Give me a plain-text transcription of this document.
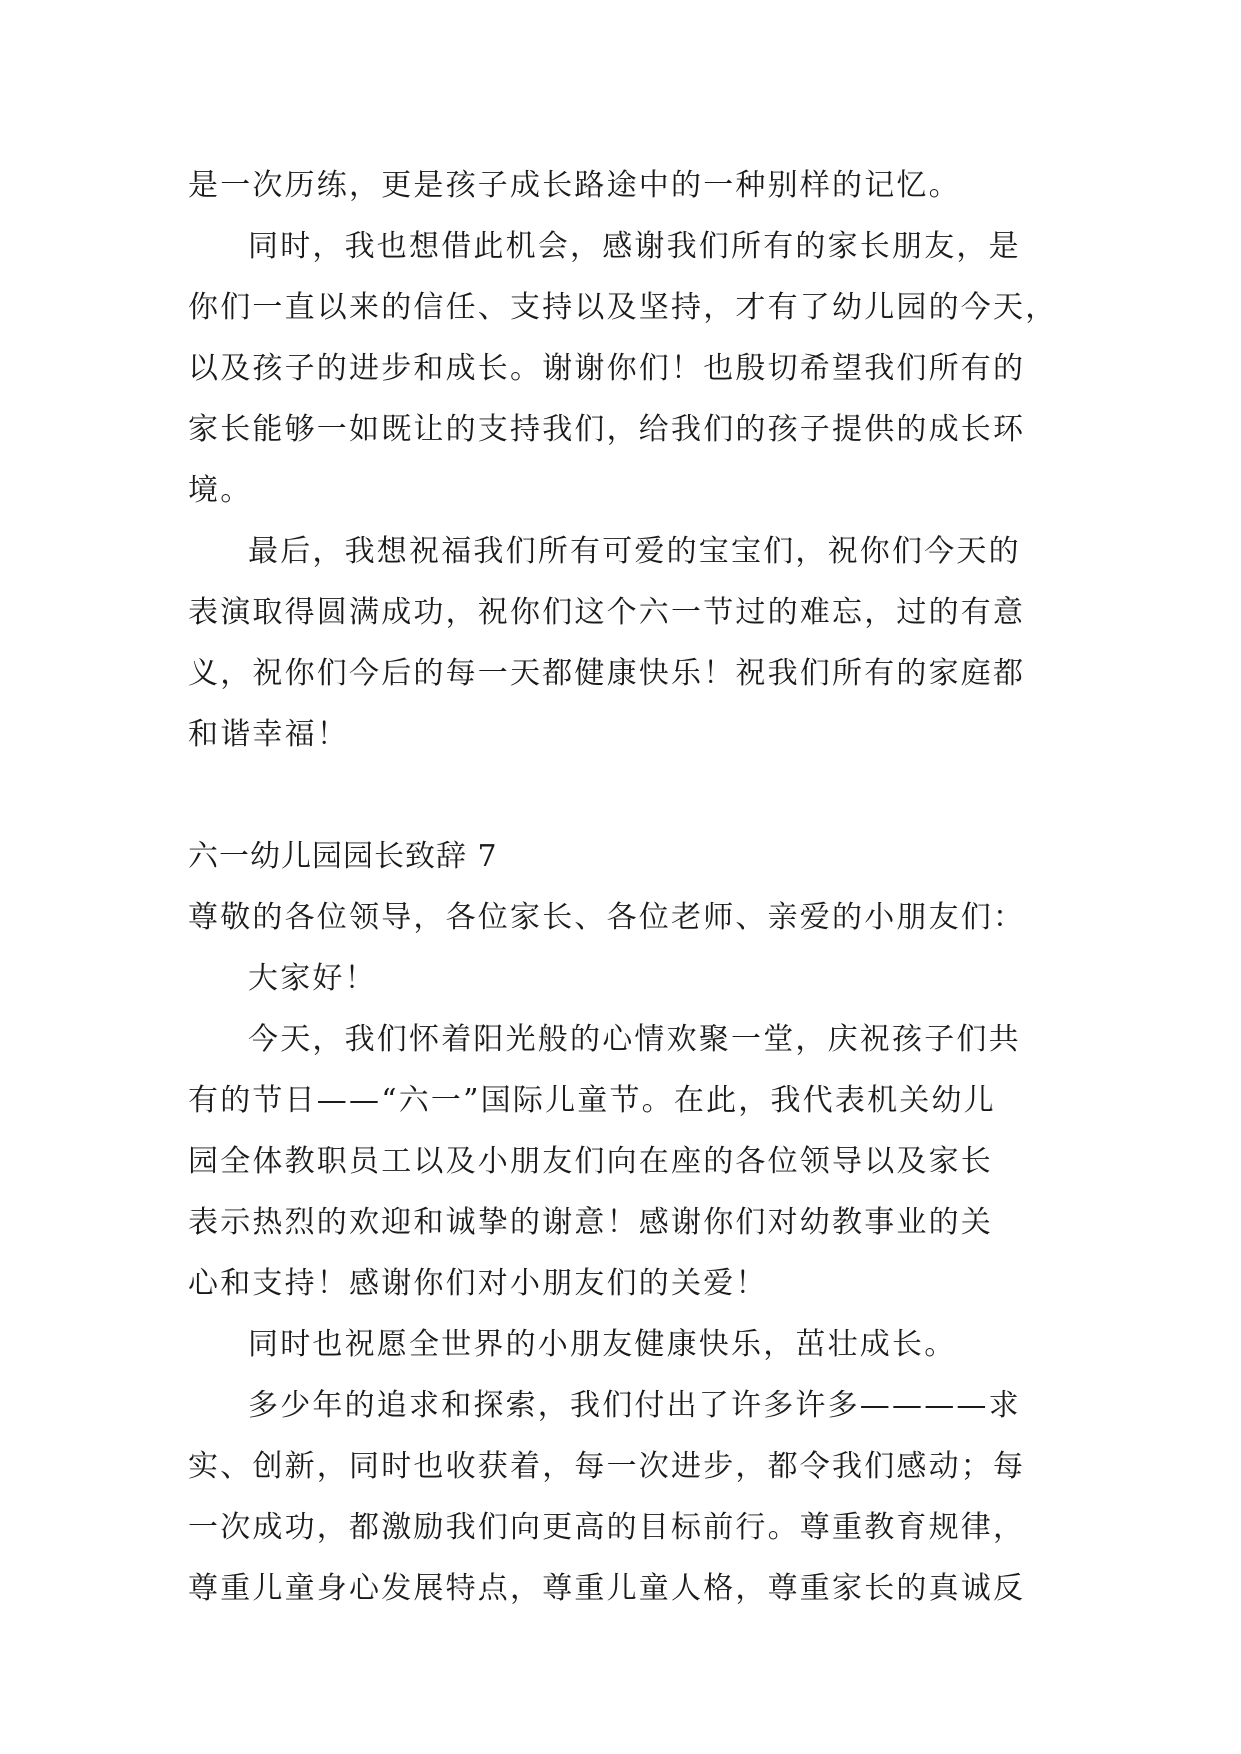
是一次历练，更是孩子成长路途中的一种别样的记忆。
同时，我也想借此机会，感谢我们所有的家长朋友，是
你们一直以来的信任、支持以及坚持，才有了幼儿园的今天，
以及孩子的进步和成长。谢谢你们！也殷切希望我们所有的
家长能够一如既让的支持我们，给我们的孩子提供的成长环
境。
最后，我想祝福我们所有可爱的宝宝们，祝你们今天的
表演取得圆满成功，祝你们这个六一节过的难忘，过的有意
义，祝你们今后的每一天都健康快乐！祝我们所有的家庭都
和谐幸福！
六一幼儿园园长致辞 7
尊敬的各位领导，各位家长、各位老师、亲爱的小朋友们：
大家好！
今天，我们怀着阳光般的心情欢聚一堂，庆祝孩子们共
有的节日——“六一”国际儿童节。在此，我代表机关幼儿
园全体教职员工以及小朋友们向在座的各位领导以及家长
表示热烈的欢迎和诚挚的谢意！感谢你们对幼教事业的关
心和支持！感谢你们对小朋友们的关爱！
同时也祝愿全世界的小朋友健康快乐，茁壮成长。
多少年的追求和探索，我们付出了许多许多————求
实、创新，同时也收获着，每一次进步，都令我们感动；每
一次成功，都激励我们向更高的目标前行。尊重教育规律，
尊重儿童身心发展特点，尊重儿童人格，尊重家长的真诚反
